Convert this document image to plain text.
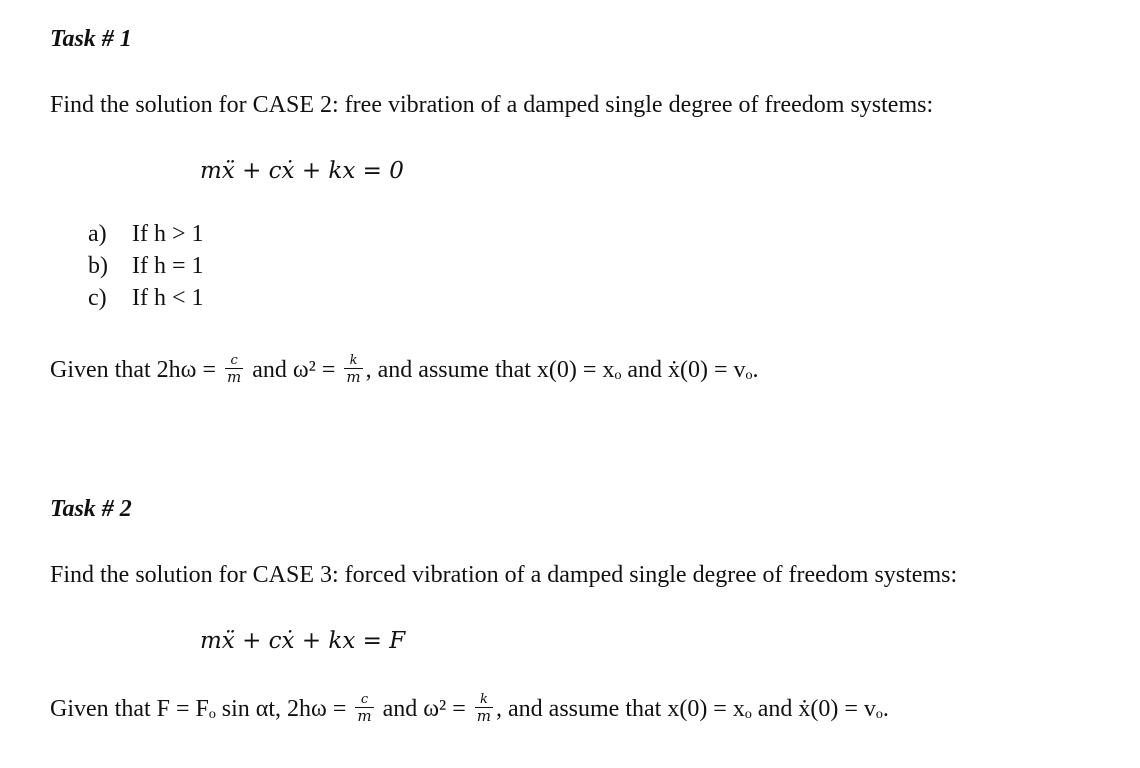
Task # 1
Find the solution for CASE 2: free vibration of a damped single degree of freedom systems:
mẍ + cẋ + kx = 0
a) If h > 1
b) If h = 1
c) If h < 1
Given that $2h\omega = \frac{c}{m}$ and $\omega^2 = \frac{k}{m}$ , and assume that x(0) = xₒ and ẋ(0) = vₒ.
Task # 2
Find the solution for CASE 3: forced vibration of a damped single degree of freedom systems:
mẍ + cẋ + kx = F
Given that F = Fₒ sin αt, $2h\omega = \frac{c}{m}$ and $\omega^2 = \frac{k}{m}$ , and assume that x(0) = xₒ and ẋ(0) = vₒ.
